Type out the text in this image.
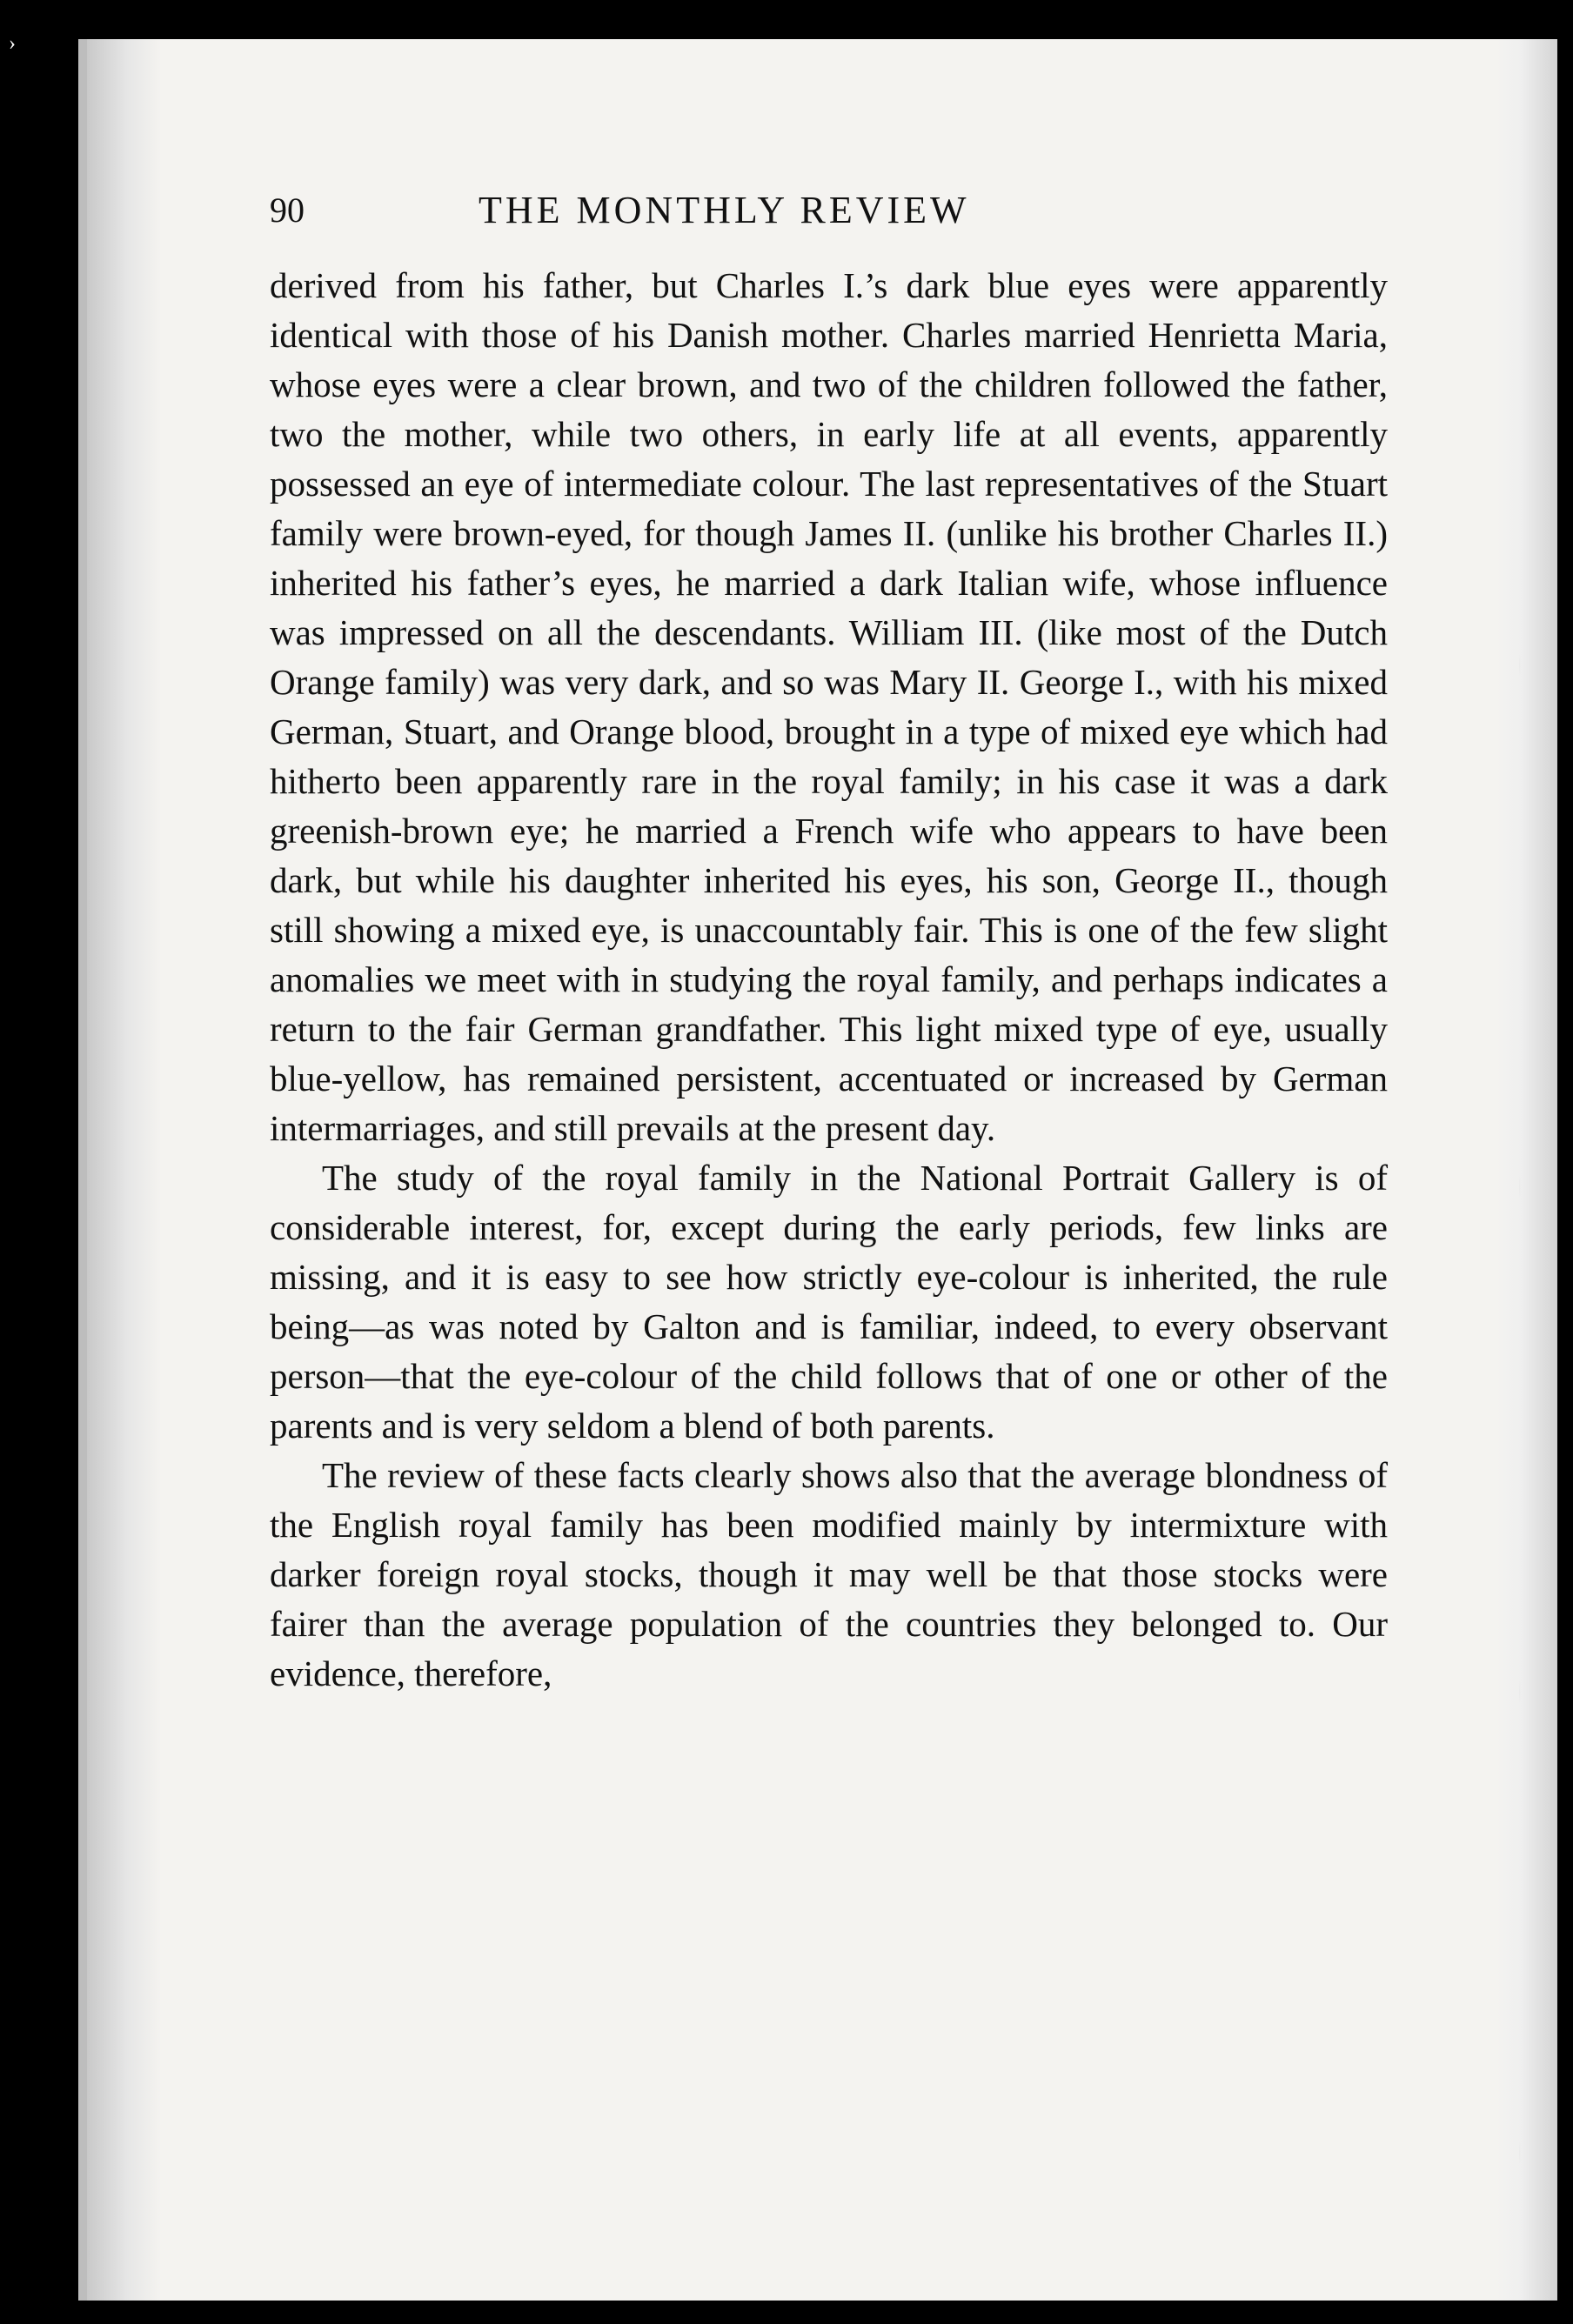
›
90	THE MONTHLY REVIEW

derived from his father, but Charles I.’s dark blue eyes were apparently identical with those of his Danish mother. Charles married Henrietta Maria, whose eyes were a clear brown, and two of the children followed the father, two the mother, while two others, in early life at all events, apparently possessed an eye of intermediate colour. The last representatives of the Stuart family were brown-eyed, for though James II. (unlike his brother Charles II.) inherited his father’s eyes, he married a dark Italian wife, whose influence was impressed on all the descendants. William III. (like most of the Dutch Orange family) was very dark, and so was Mary II. George I., with his mixed German, Stuart, and Orange blood, brought in a type of mixed eye which had hitherto been apparently rare in the royal family; in his case it was a dark greenish-brown eye; he married a French wife who appears to have been dark, but while his daughter inherited his eyes, his son, George II., though still showing a mixed eye, is unaccountably fair. This is one of the few slight anomalies we meet with in studying the royal family, and perhaps indicates a return to the fair German grandfather. This light mixed type of eye, usually blue-yellow, has remained persistent, accentuated or increased by German intermarriages, and still prevails at the present day.

The study of the royal family in the National Portrait Gallery is of considerable interest, for, except during the early periods, few links are missing, and it is easy to see how strictly eye-colour is inherited, the rule being—as was noted by Galton and is familiar, indeed, to every observant person—that the eye-colour of the child follows that of one or other of the parents and is very seldom a blend of both parents.

The review of these facts clearly shows also that the average blondness of the English royal family has been modified mainly by intermixture with darker foreign royal stocks, though it may well be that those stocks were fairer than the average population of the countries they belonged to. Our evidence, therefore,
